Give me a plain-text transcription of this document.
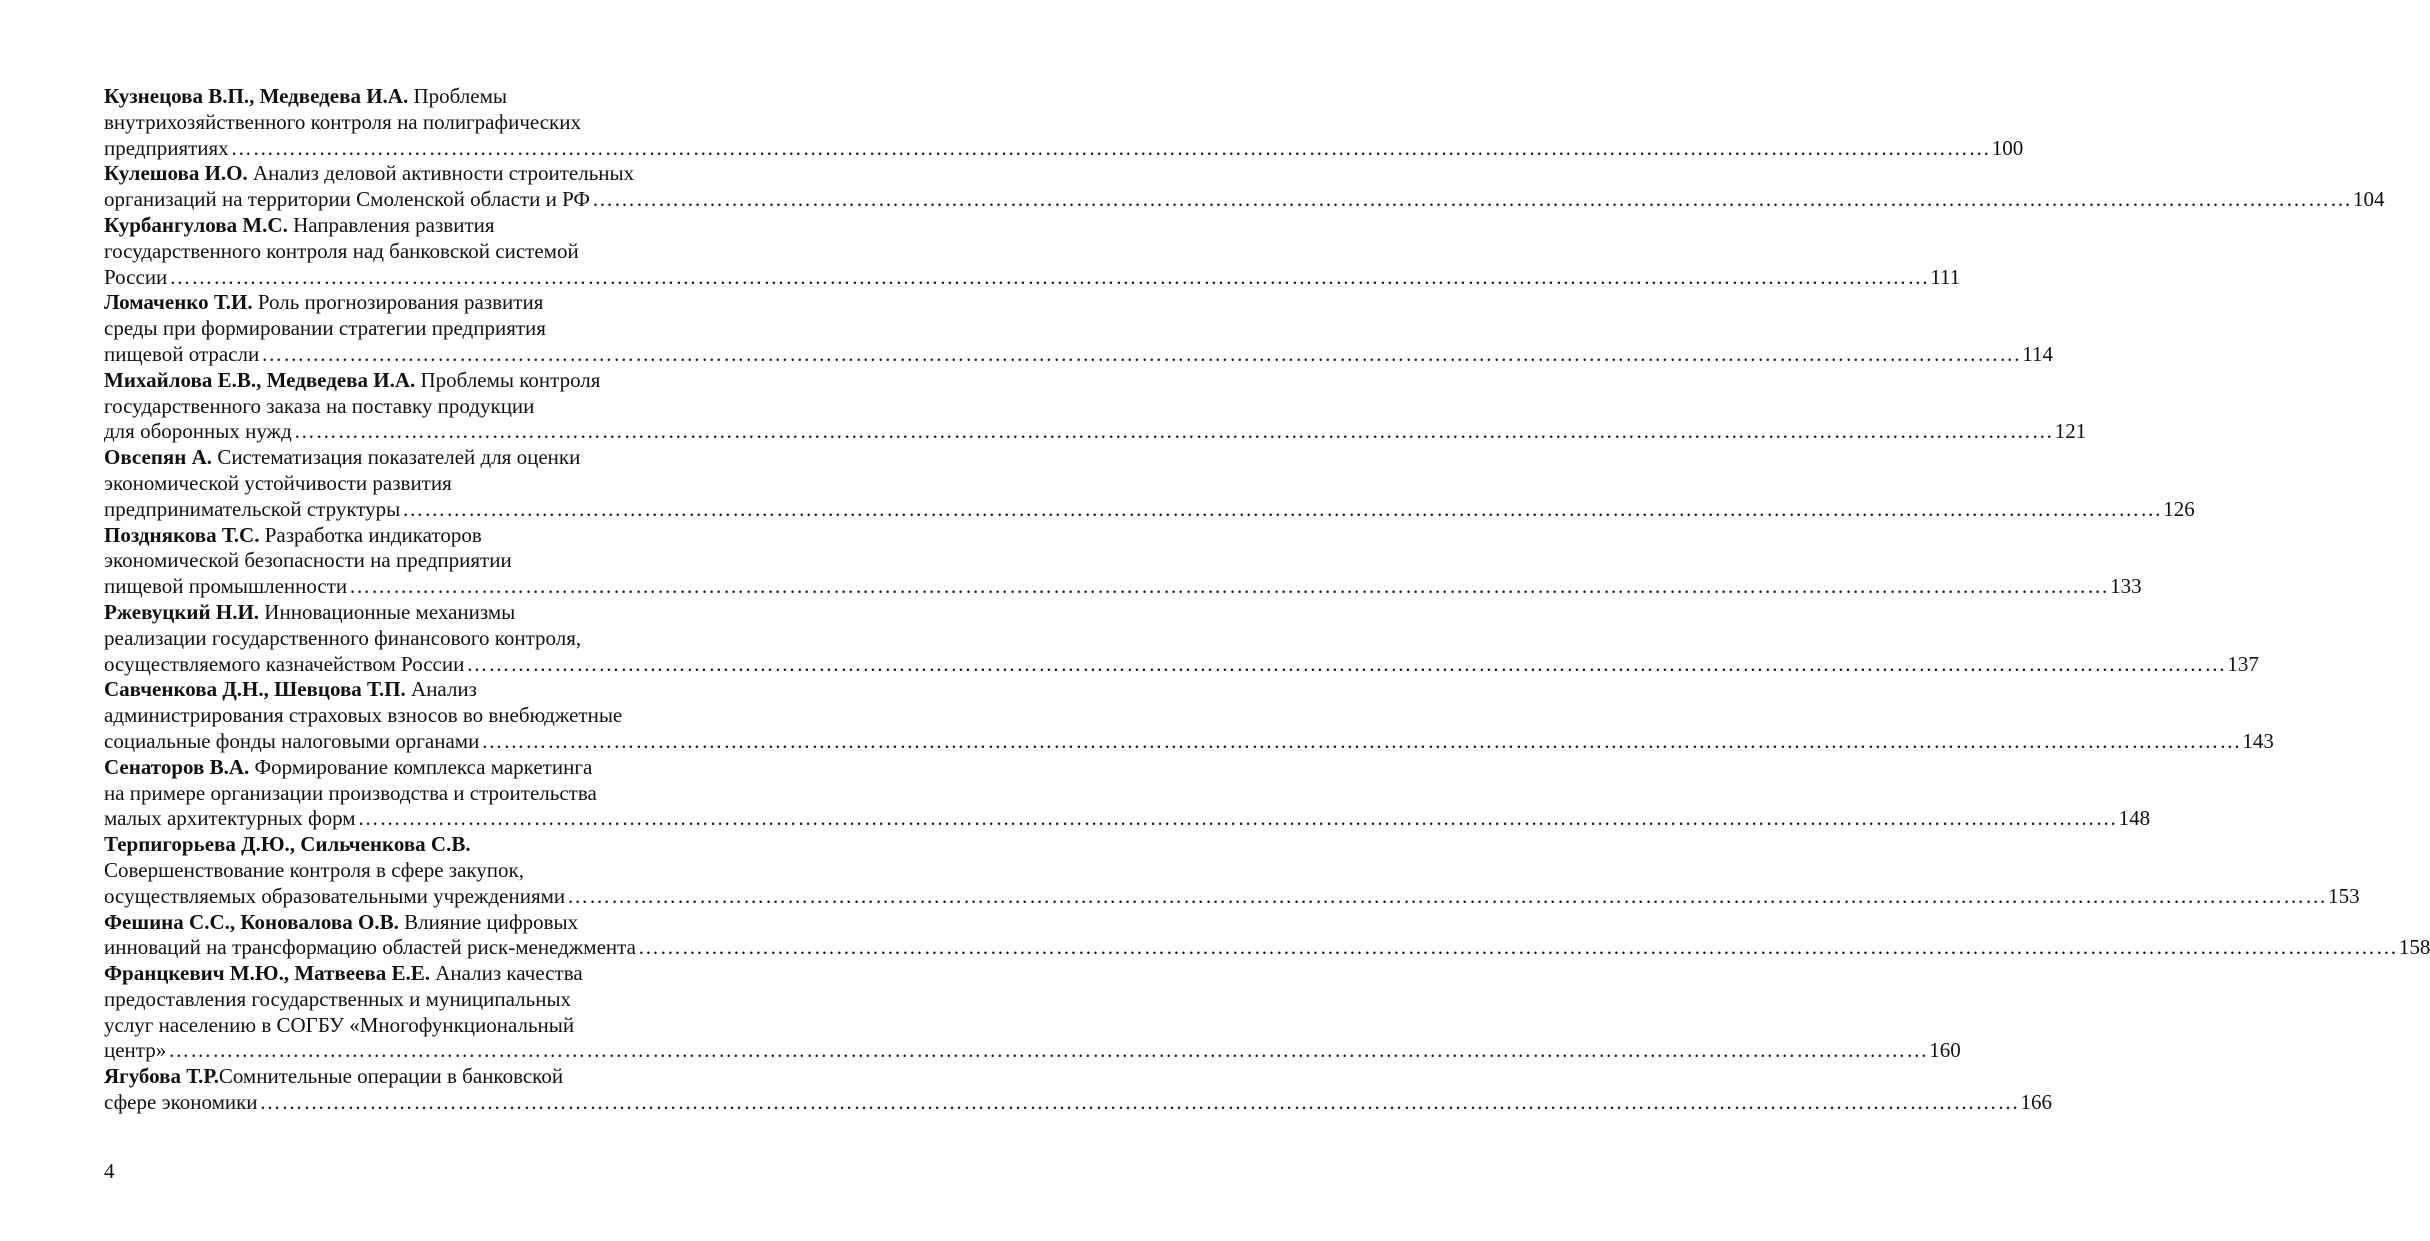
Кузнецова В.П., Медведева И.А. Проблемы
внутрихозяйственного контроля на полиграфических
предприятиях …………………………………………………………………………………………………………………………………………………………………………………………………………………… 100
Кулешова И.О. Анализ деловой активности строительных
организаций на территории Смоленской области и РФ …………………………………………………………………………………………………………………………………………………………………………………………………………………… 104
Курбангулова М.С. Направления развития
государственного контроля над банковской системой
России …………………………………………………………………………………………………………………………………………………………………………………………………………………… 111
Ломаченко Т.И. Роль прогнозирования развития
среды при формировании стратегии предприятия
пищевой отрасли …………………………………………………………………………………………………………………………………………………………………………………………………………………… 114
Михайлова Е.В., Медведева И.А. Проблемы контроля
государственного заказа на поставку продукции
для оборонных нужд …………………………………………………………………………………………………………………………………………………………………………………………………………………… 121
Овсепян А. Систематизация показателей для оценки
экономической устойчивости развития
предпринимательской структуры …………………………………………………………………………………………………………………………………………………………………………………………………………………… 126
Позднякова Т.С. Разработка индикаторов
экономической безопасности на предприятии
пищевой промышленности …………………………………………………………………………………………………………………………………………………………………………………………………………………… 133
Ржевуцкий Н.И. Инновационные механизмы
реализации государственного финансового контроля,
осуществляемого казначейством России …………………………………………………………………………………………………………………………………………………………………………………………………………………… 137
Савченкова Д.Н., Шевцова Т.П. Анализ
администрирования страховых взносов во внебюджетные
социальные фонды налоговыми органами …………………………………………………………………………………………………………………………………………………………………………………………………………………… 143
Сенаторов В.А. Формирование комплекса маркетинга
на примере организации производства и строительства
малых архитектурных форм …………………………………………………………………………………………………………………………………………………………………………………………………………………… 148
Терпигорьева Д.Ю., Сильченкова С.В.
Совершенствование контроля в сфере закупок,
осуществляемых образовательными учреждениями …………………………………………………………………………………………………………………………………………………………………………………………………………………… 153
Фешина С.С., Коновалова О.В. Влияние цифровых
инноваций на трансформацию областей риск-менеджмента …………………………………………………………………………………………………………………………………………………………………………………………………………………… 158
Францкевич М.Ю., Матвеева Е.Е. Анализ качества
предоставления государственных и муниципальных
услуг населению в СОГБУ «Многофункциональный
центр» …………………………………………………………………………………………………………………………………………………………………………………………………………………… 160
Ягубова Т.Р.Сомнительные операции в банковской
сфере экономики …………………………………………………………………………………………………………………………………………………………………………………………………………………… 166
4
